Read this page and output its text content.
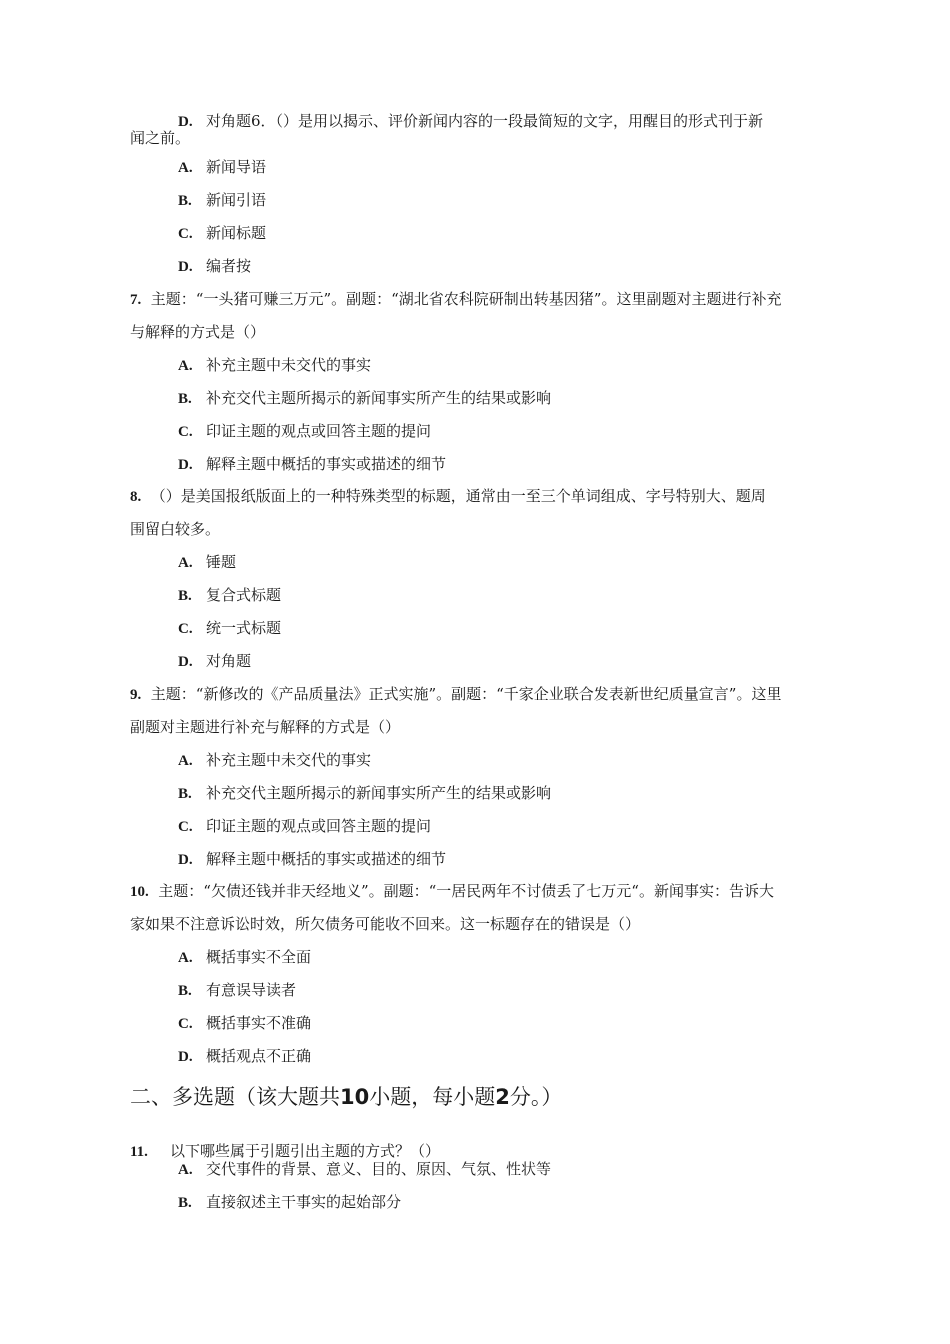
D. 对角题6．（）是用以揭示、评价新闻内容的一段最简短的文字，用醒目的形式刊于新
闻之前。
A. 新闻导语
B. 新闻引语
C. 新闻标题
D. 编者按
7. 主题：“一头猪可赚三万元”。副题：“湖北省农科院研制出转基因猪”。这里副题对主题进行补充
与解释的方式是（）
A. 补充主题中未交代的事实
B. 补充交代主题所揭示的新闻事实所产生的结果或影响
C. 印证主题的观点或回答主题的提问
D. 解释主题中概括的事实或描述的细节
8. （）是美国报纸版面上的一种特殊类型的标题，通常由一至三个单词组成、字号特别大、题周
围留白较多。
A. 锤题
B. 复合式标题
C. 统一式标题
D. 对角题
9. 主题：“新修改的《产品质量法》正式实施”。副题：“千家企业联合发表新世纪质量宣言”。这里
副题对主题进行补充与解释的方式是（）
A. 补充主题中未交代的事实
B. 补充交代主题所揭示的新闻事实所产生的结果或影响
C. 印证主题的观点或回答主题的提问
D. 解释主题中概括的事实或描述的细节
10. 主题：“欠债还钱并非天经地义”。副题：“一居民两年不讨债丢了七万元“。新闻事实：告诉大
家如果不注意诉讼时效，所欠债务可能收不回来。这一标题存在的错误是（）
A. 概括事实不全面
B. 有意误导读者
C. 概括事实不准确
D. 概括观点不正确
二、多选题（该大题共10小题，每小题2分。）
11. 以下哪些属于引题引出主题的方式？（）
A. 交代事件的背景、意义、目的、原因、气氛、性状等
B. 直接叙述主干事实的起始部分
